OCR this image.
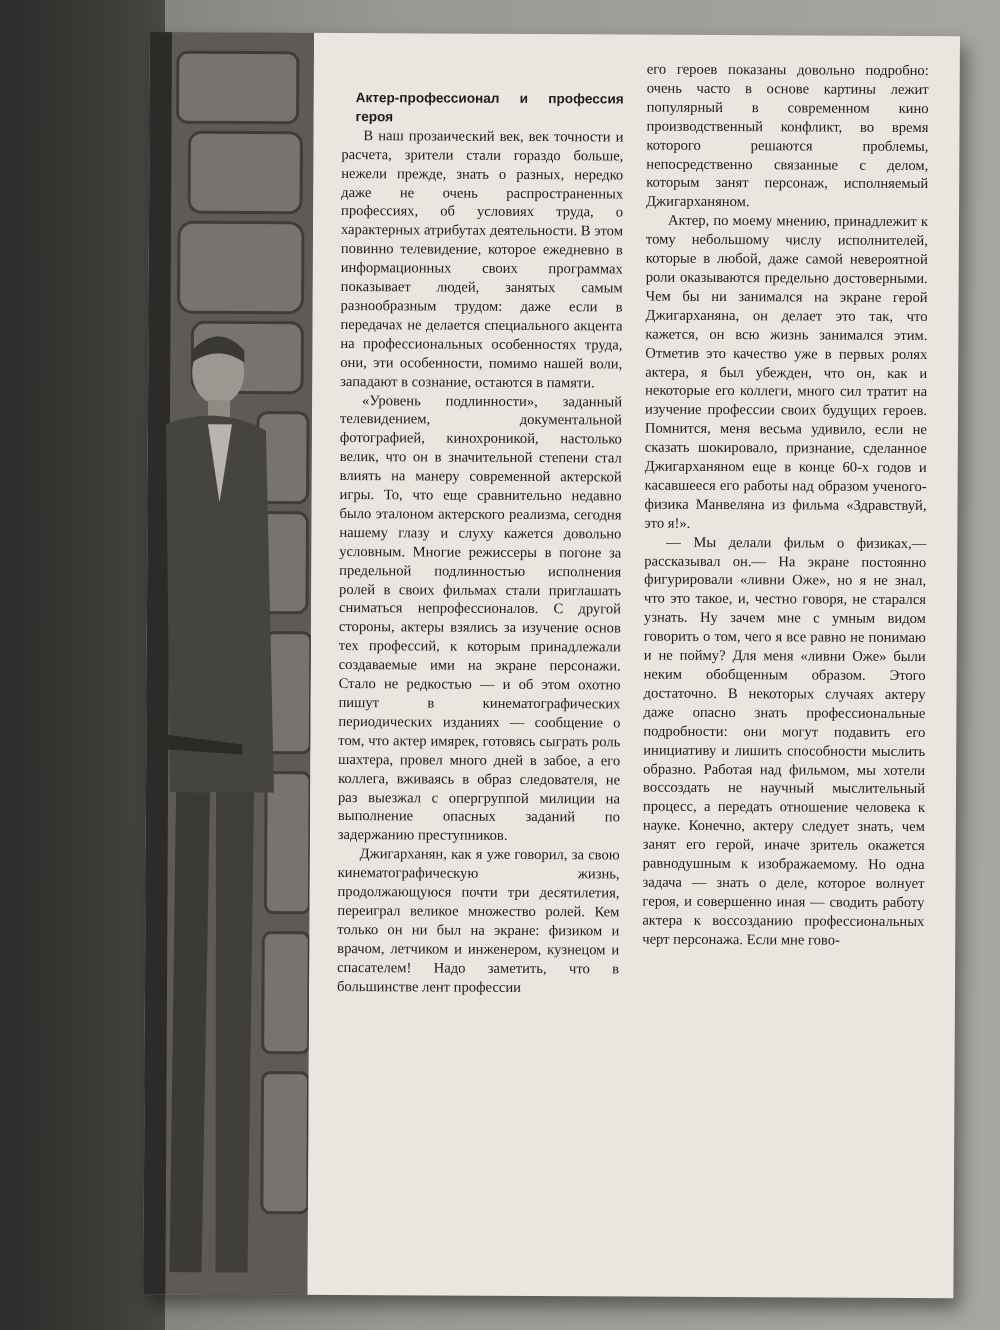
Актер-профессионал и профессия героя

В наш прозаический век, век точности и расчета, зрители стали гораздо больше, нежели прежде, знать о разных, нередко даже не очень распространенных профессиях, об условиях труда, о характерных атрибутах деятельности. В этом повинно телевидение, которое ежедневно в информационных своих программах показывает людей, занятых самым разнообразным трудом: даже если в передачах не делается специального акцента на профессиональных особенностях труда, они, эти особенности, помимо нашей воли, западают в сознание, остаются в памяти.

«Уровень подлинности», заданный телевидением, документальной фотографией, кинохроникой, настолько велик, что он в значительной степени стал влиять на манеру современной актерской игры. То, что еще сравнительно недавно было эталоном актерского реализма, сегодня нашему глазу и слуху кажется довольно условным. Многие режиссеры в погоне за предельной подлинностью исполнения ролей в своих фильмах стали приглашать сниматься непрофессионалов. С другой стороны, актеры взялись за изучение основ тех профессий, к которым принадлежали создаваемые ими на экране персонажи. Стало не редкостью — и об этом охотно пишут в кинематографических периодических изданиях — сообщение о том, что актер имярек, готовясь сыграть роль шахтера, провел много дней в забое, а его коллега, вживаясь в образ следователя, не раз выезжал с опергруппой милиции на выполнение опасных заданий по задержанию преступников.

Джигарханян, как я уже говорил, за свою кинематографическую жизнь, продолжающуюся почти три десятилетия, переиграл великое множество ролей. Кем только он ни был на экране: физиком и врачом, летчиком и инженером, кузнецом и спасателем! Надо заметить, что в большинстве лент профессии

его героев показаны довольно подробно: очень часто в основе картины лежит популярный в современном кино производственный конфликт, во время которого решаются проблемы, непосредственно связанные с делом, которым занят персонаж, исполняемый Джигарханяном.

Актер, по моему мнению, принадлежит к тому небольшому числу исполнителей, которые в любой, даже самой невероятной роли оказываются предельно достоверными. Чем бы ни занимался на экране герой Джигарханяна, он делает это так, что кажется, он всю жизнь занимался этим. Отметив это качество уже в первых ролях актера, я был убежден, что он, как и некоторые его коллеги, много сил тратит на изучение профессии своих будущих героев. Помнится, меня весьма удивило, если не сказать шокировало, признание, сделанное Джигарханяном еще в конце 60-х годов и касавшееся его работы над образом ученого-физика Манвеляна из фильма «Здравствуй, это я!».

— Мы делали фильм о физиках,— рассказывал он.— На экране постоянно фигурировали «ливни Оже», но я не знал, что это такое, и, честно говоря, не старался узнать. Ну зачем мне с умным видом говорить о том, чего я все равно не понимаю и не пойму? Для меня «ливни Оже» были неким обобщенным образом. Этого достаточно. В некоторых случаях актеру даже опасно знать профессиональные подробности: они могут подавить его инициативу и лишить способности мыслить образно. Работая над фильмом, мы хотели воссоздать не научный мыслительный процесс, а передать отношение человека к науке. Конечно, актеру следует знать, чем занят его герой, иначе зритель окажется равнодушным к изображаемому. Но одна задача — знать о деле, которое волнует героя, и совершенно иная — сводить работу актера к воссозданию профессиональных черт персонажа. Если мне гово-
